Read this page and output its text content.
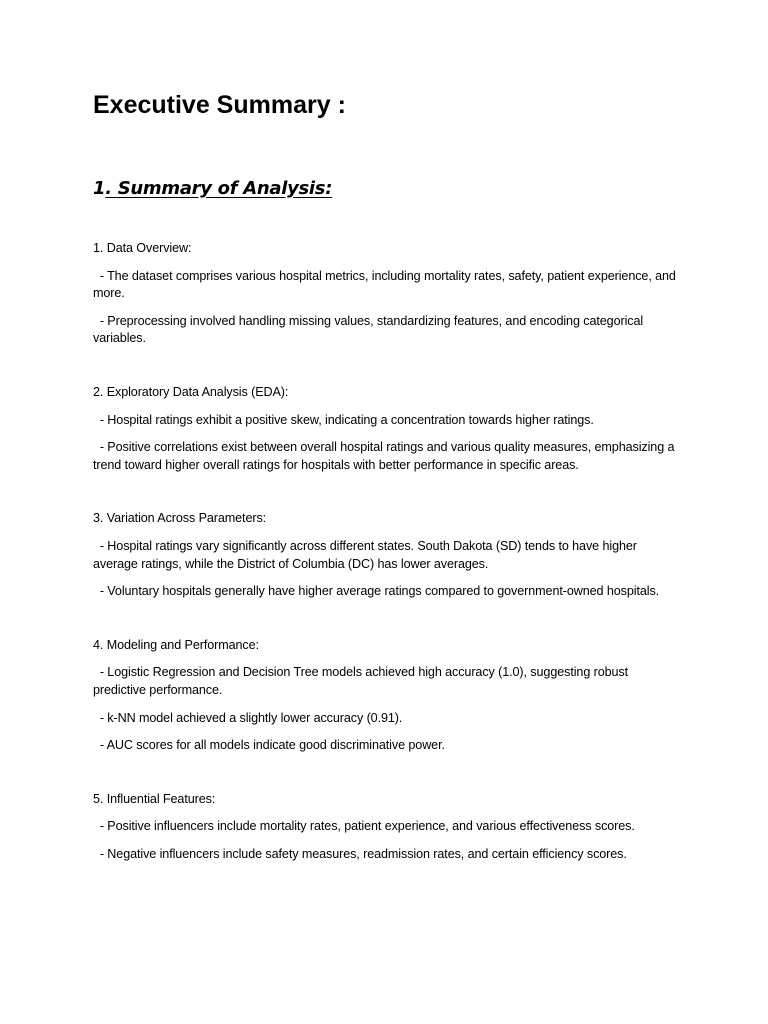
Executive Summary :
1. Summary of Analysis:

1. Data Overview:

- The dataset comprises various hospital metrics, including mortality rates, safety, patient experience, and more.

- Preprocessing involved handling missing values, standardizing features, and encoding categorical variables.

2. Exploratory Data Analysis (EDA):

- Hospital ratings exhibit a positive skew, indicating a concentration towards higher ratings.

- Positive correlations exist between overall hospital ratings and various quality measures, emphasizing a trend toward higher overall ratings for hospitals with better performance in specific areas.

3. Variation Across Parameters:

- Hospital ratings vary significantly across different states. South Dakota (SD) tends to have higher average ratings, while the District of Columbia (DC) has lower averages.

- Voluntary hospitals generally have higher average ratings compared to government-owned hospitals.

4. Modeling and Performance:

- Logistic Regression and Decision Tree models achieved high accuracy (1.0), suggesting robust predictive performance.

- k-NN model achieved a slightly lower accuracy (0.91).

- AUC scores for all models indicate good discriminative power.

5. Influential Features:

- Positive influencers include mortality rates, patient experience, and various effectiveness scores.

- Negative influencers include safety measures, readmission rates, and certain efficiency scores.
